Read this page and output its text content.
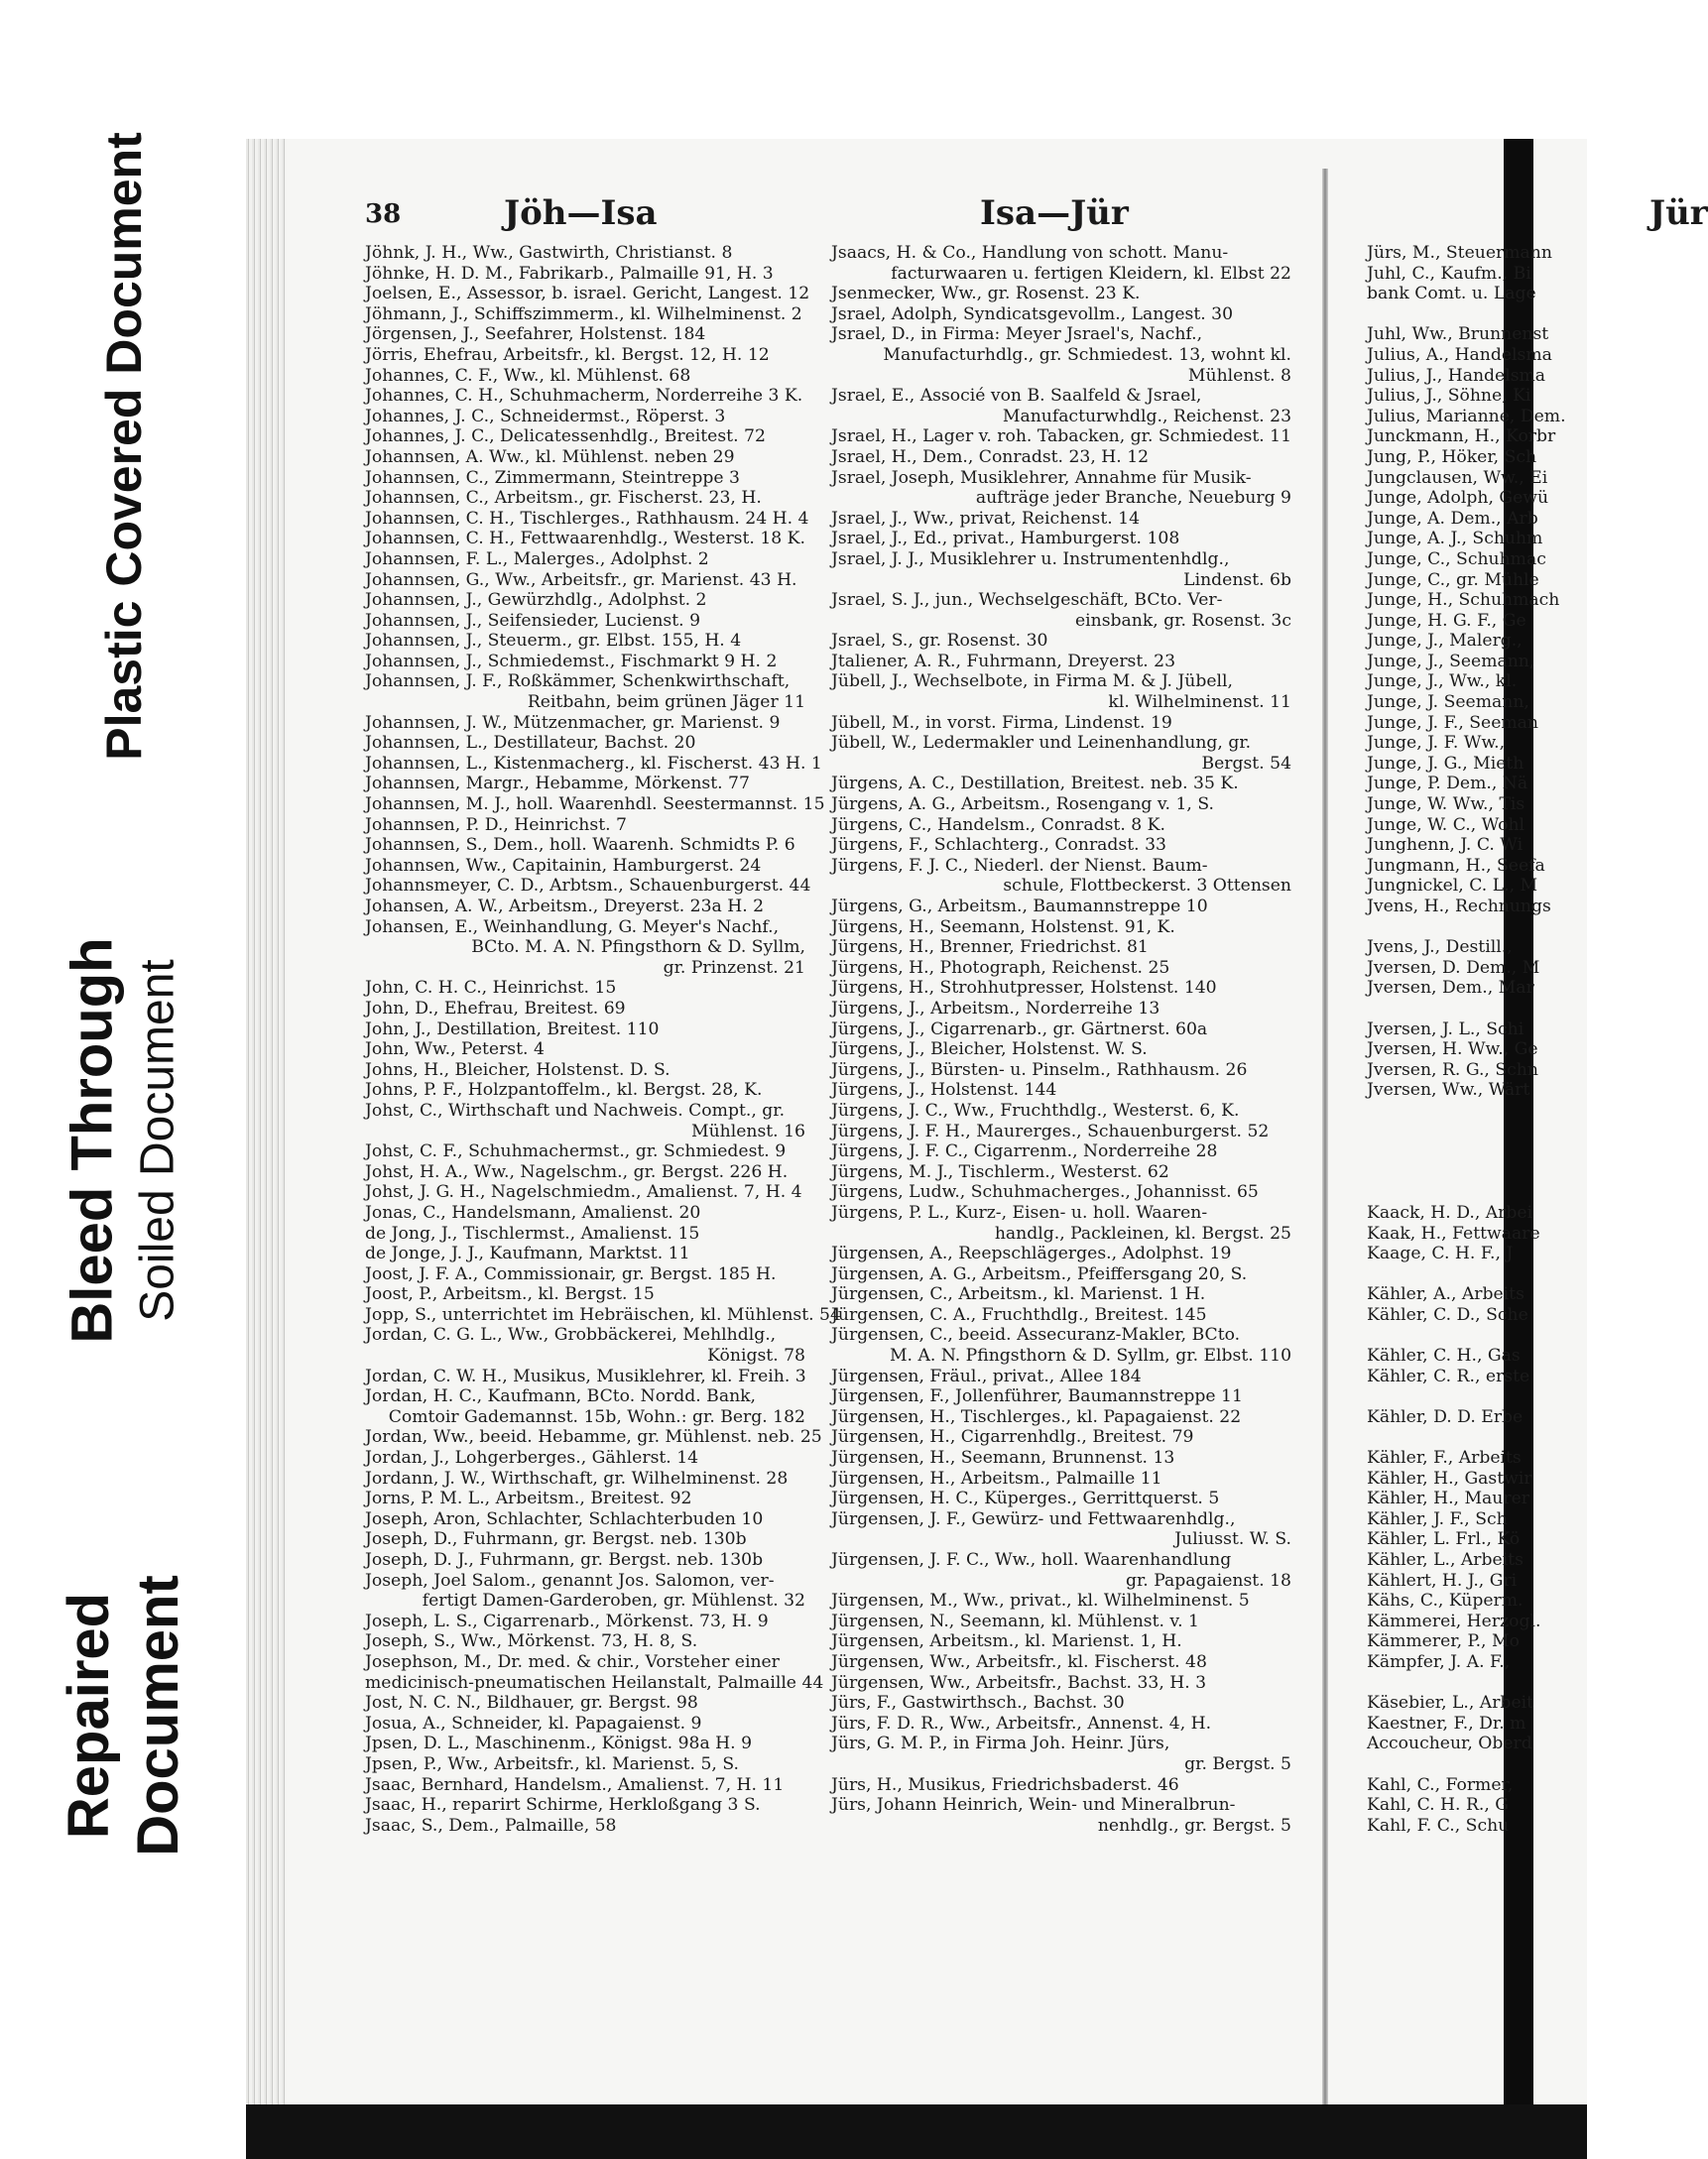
Plastic Covered Document
Bleed Through Soiled Document
Repaired Document
38	Jöh—Isa	Isa—Jür	Jür
Jöhnk, J. H., Ww., Gastwirth, Christianst. 8
Jöhnke, H. D. M., Fabrikarb., Palmaille 91, H. 3
Joelsen, E., Assessor, b. israel. Gericht, Langest. 12
Jöhmann, J., Schiffszimmerm., kl. Wilhelminenst. 2
Jörgensen, J., Seefahrer, Holstenst. 184
Jörris, Ehefrau, Arbeitsfr., kl. Bergst. 12, H. 12
Johannes, C. F., Ww., kl. Mühlenst. 68
Johannes, C. H., Schuhmacherm, Norderreihe 3 K.
Johannes, J. C., Schneidermst., Röperst. 3
Johannes, J. C., Delicatessenhdlg., Breitest. 72
Johannsen, A. Ww., kl. Mühlenst. neben 29
Johannsen, C., Zimmermann, Steintreppe 3
Johannsen, C., Arbeitsm., gr. Fischerst. 23, H.
Johannsen, C. H., Tischlerges., Rathhausm. 24 H. 4
Johannsen, C. H., Fettwaarenhdlg., Westerst. 18 K.
Johannsen, F. L., Malerges., Adolphst. 2
Johannsen, G., Ww., Arbeitsfr., gr. Marienst. 43 H.
Johannsen, J., Gewürzhdlg., Adolphst. 2
Johannsen, J., Seifensieder, Lucienst. 9
Johannsen, J., Steuerm., gr. Elbst. 155, H. 4
Johannsen, J., Schmiedemst., Fischmarkt 9 H. 2
Johannsen, J. F., Roßkämmer, Schenkwirthschaft,
Reitbahn, beim grünen Jäger 11
Johannsen, J. W., Mützenmacher, gr. Marienst. 9
Johannsen, L., Destillateur, Bachst. 20
Johannsen, L., Kistenmacherg., kl. Fischerst. 43 H. 1
Johannsen, Margr., Hebamme, Mörkenst. 77
Johannsen, M. J., holl. Waarenhdl. Seestermannst. 15
Johannsen, P. D., Heinrichst. 7
Johannsen, S., Dem., holl. Waarenh. Schmidts P. 6
Johannsen, Ww., Capitainin, Hamburgerst. 24
Johannsmeyer, C. D., Arbtsm., Schauenburgerst. 44
Johansen, A. W., Arbeitsm., Dreyerst. 23a H. 2
Johansen, E., Weinhandlung, G. Meyer's Nachf.,
BCto. M. A. N. Pfingsthorn & D. Syllm,
gr. Prinzenst. 21
John, C. H. C., Heinrichst. 15
John, D., Ehefrau, Breitest. 69
John, J., Destillation, Breitest. 110
John, Ww., Peterst. 4
Johns, H., Bleicher, Holstenst. D. S.
Johns, P. F., Holzpantoffelm., kl. Bergst. 28, K.
Johst, C., Wirthschaft und Nachweis. Compt., gr.
Mühlenst. 16
Johst, C. F., Schuhmachermst., gr. Schmiedest. 9
Johst, H. A., Ww., Nagelschm., gr. Bergst. 226 H.
Johst, J. G. H., Nagelschmiedm., Amalienst. 7, H. 4
Jonas, C., Handelsmann, Amalienst. 20
de Jong, J., Tischlermst., Amalienst. 15
de Jonge, J. J., Kaufmann, Marktst. 11
Joost, J. F. A., Commissionair, gr. Bergst. 185 H.
Joost, P., Arbeitsm., kl. Bergst. 15
Jopp, S., unterrichtet im Hebräischen, kl. Mühlenst. 54
Jordan, C. G. L., Ww., Grobbäckerei, Mehlhdlg.,
Königst. 78
Jordan, C. W. H., Musikus, Musiklehrer, kl. Freih. 3
Jordan, H. C., Kaufmann, BCto. Nordd. Bank,
Comtoir Gademannst. 15b, Wohn.: gr. Berg. 182
Jordan, Ww., beeid. Hebamme, gr. Mühlenst. neb. 25
Jordan, J., Lohgerberges., Gählerst. 14
Jordann, J. W., Wirthschaft, gr. Wilhelminenst. 28
Jorns, P. M. L., Arbeitsm., Breitest. 92
Joseph, Aron, Schlachter, Schlachterbuden 10
Joseph, D., Fuhrmann, gr. Bergst. neb. 130b
Joseph, D. J., Fuhrmann, gr. Bergst. neb. 130b
Joseph, Joel Salom., genannt Jos. Salomon, ver-
fertigt Damen-Garderoben, gr. Mühlenst. 32
Joseph, L. S., Cigarrenarb., Mörkenst. 73, H. 9
Joseph, S., Ww., Mörkenst. 73, H. 8, S.
Josephson, M., Dr. med. & chir., Vorsteher einer
medicinisch-pneumatischen Heilanstalt, Palmaille 44
Jost, N. C. N., Bildhauer, gr. Bergst. 98
Josua, A., Schneider, kl. Papagaienst. 9
Jpsen, D. L., Maschinenm., Königst. 98a H. 9
Jpsen, P., Ww., Arbeitsfr., kl. Marienst. 5, S.
Jsaac, Bernhard, Handelsm., Amalienst. 7, H. 11
Jsaac, H., reparirt Schirme, Herkloßgang 3 S.
Jsaac, S., Dem., Palmaille, 58
Jsaacs, H. & Co., Handlung von schott. Manu-
facturwaaren u. fertigen Kleidern, kl. Elbst 22
Jsenmecker, Ww., gr. Rosenst. 23 K.
Jsrael, Adolph, Syndicatsgevollm., Langest. 30
Jsrael, D., in Firma: Meyer Jsrael's, Nachf.,
Manufacturhdlg., gr. Schmiedest. 13, wohnt kl.
Mühlenst. 8
Jsrael, E., Associé von B. Saalfeld & Jsrael,
Manufacturwhdlg., Reichenst. 23
Jsrael, H., Lager v. roh. Tabacken, gr. Schmiedest. 11
Jsrael, H., Dem., Conradst. 23, H. 12
Jsrael, Joseph, Musiklehrer, Annahme für Musik-
aufträge jeder Branche, Neueburg 9
Jsrael, J., Ww., privat, Reichenst. 14
Jsrael, J., Ed., privat., Hamburgerst. 108
Jsrael, J. J., Musiklehrer u. Instrumentenhdlg.,
Lindenst. 6b
Jsrael, S. J., jun., Wechselgeschäft, BCto. Ver-
einsbank, gr. Rosenst. 3c
Jsrael, S., gr. Rosenst. 30
Jtaliener, A. R., Fuhrmann, Dreyerst. 23
Jübell, J., Wechselbote, in Firma M. & J. Jübell,
kl. Wilhelminenst. 11
Jübell, M., in vorst. Firma, Lindenst. 19
Jübell, W., Ledermakler und Leinenhandlung, gr.
Bergst. 54
Jürgens, A. C., Destillation, Breitest. neb. 35 K.
Jürgens, A. G., Arbeitsm., Rosengang v. 1, S.
Jürgens, C., Handelsm., Conradst. 8 K.
Jürgens, F., Schlachterg., Conradst. 33
Jürgens, F. J. C., Niederl. der Nienst. Baum-
schule, Flottbeckerst. 3 Ottensen
Jürgens, G., Arbeitsm., Baumannstreppe 10
Jürgens, H., Seemann, Holstenst. 91, K.
Jürgens, H., Brenner, Friedrichst. 81
Jürgens, H., Photograph, Reichenst. 25
Jürgens, H., Strohhutpresser, Holstenst. 140
Jürgens, J., Arbeitsm., Norderreihe 13
Jürgens, J., Cigarrenarb., gr. Gärtnerst. 60a
Jürgens, J., Bleicher, Holstenst. W. S.
Jürgens, J., Bürsten- u. Pinselm., Rathhausm. 26
Jürgens, J., Holstenst. 144
Jürgens, J. C., Ww., Fruchthdlg., Westerst. 6, K.
Jürgens, J. F. H., Maurerges., Schauenburgerst. 52
Jürgens, J. F. C., Cigarrenm., Norderreihe 28
Jürgens, M. J., Tischlerm., Westerst. 62
Jürgens, Ludw., Schuhmacherges., Johannisst. 65
Jürgens, P. L., Kurz-, Eisen- u. holl. Waaren-
handlg., Packleinen, kl. Bergst. 25
Jürgensen, A., Reepschlägerges., Adolphst. 19
Jürgensen, A. G., Arbeitsm., Pfeiffersgang 20, S.
Jürgensen, C., Arbeitsm., kl. Marienst. 1 H.
Jürgensen, C. A., Fruchthdlg., Breitest. 145
Jürgensen, C., beeid. Assecuranz-Makler, BCto.
M. A. N. Pfingsthorn & D. Syllm, gr. Elbst. 110
Jürgensen, Fräul., privat., Allee 184
Jürgensen, F., Jollenführer, Baumannstreppe 11
Jürgensen, H., Tischlerges., kl. Papagaienst. 22
Jürgensen, H., Cigarrenhdlg., Breitest. 79
Jürgensen, H., Seemann, Brunnenst. 13
Jürgensen, H., Arbeitsm., Palmaille 11
Jürgensen, H. C., Küperges., Gerrittquerst. 5
Jürgensen, J. F., Gewürz- und Fettwaarenhdlg.,
Juliusst. W. S.
Jürgensen, J. F. C., Ww., holl. Waarenhandlung
gr. Papagaienst. 18
Jürgensen, M., Ww., privat., kl. Wilhelminenst. 5
Jürgensen, N., Seemann, kl. Mühlenst. v. 1
Jürgensen, Arbeitsm., kl. Marienst. 1, H.
Jürgensen, Ww., Arbeitsfr., kl. Fischerst. 48
Jürgensen, Ww., Arbeitsfr., Bachst. 33, H. 3
Jürs, F., Gastwirthsch., Bachst. 30
Jürs, F. D. R., Ww., Arbeitsfr., Annenst. 4, H.
Jürs, G. M. P., in Firma Joh. Heinr. Jürs,
gr. Bergst. 5
Jürs, H., Musikus, Friedrichsbaderst. 46
Jürs, Johann Heinrich, Wein- und Mineralbrun-
nenhdlg., gr. Bergst. 5
Jürs, M., Steuermann
Juhl, C., Kaufm., Bi
bank Comt. u. Lage
Juhl, Ww., Brunnenst
Julius, A., Handelsma
Julius, J., Handelsma
Julius, J., Söhne, Ki
Julius, Marianne, Dem.
Junckmann, H., Korbr
Jung, P., Höker, Sch
Jungclausen, Ww., Ei
Junge, Adolph, Gewü
Junge, A. Dem., Arb
Junge, A. J., Schuhm
Junge, C., Schuhmac
Junge, C., gr. Mühle
Junge, H., Schuhmach
Junge, H. G. F., Ge
Junge, J., Malerg.,
Junge, J., Seemann,
Junge, J., Ww., kl.
Junge, J. Seemann,
Junge, J. F., Seeman
Junge, J. F. Ww.,
Junge, J. G., Mieth
Junge, P. Dem., Nä
Junge, W. Ww., Tis
Junge, W. C., Wohl
Junghenn, J. C. Wi
Jungmann, H., Seefa
Jungnickel, C. L., M
Jvens, H., Rechnungs
Jvens, J., Destill.,
Jversen, D. Dem., M
Jversen, Dem., Mar
Jversen, J. L., Schi
Jversen, H. Ww., Ge
Jversen, R. G., Schn
Jversen, Ww., Wärt
Kaack, H. D., Arbei
Kaak, H., Fettwaare
Kaage, C. H. F., J
Kähler, A., Arbeits
Kähler, C. D., Sche
Kähler, C. H., Gas
Kähler, C. R., erste
Kähler, D. D. Erbe
Kähler, F., Arbeits
Kähler, H., Gastwir
Kähler, H., Maurer
Kähler, J. F., Sch
Kähler, L. Frl., Kö
Kähler, L., Arbeits
Kählert, H. J., Gri
Kähs, C., Küperm.
Kämmerei, Herzogl.
Kämmerer, P., Mo
Kämpfer, J. A. F.,
Käsebier, L., Arbeit
Kaestner, F., Dr. m
Accoucheur, Oberd
Kahl, C., Former,
Kahl, C. H. R., G
Kahl, F. C., Schu
